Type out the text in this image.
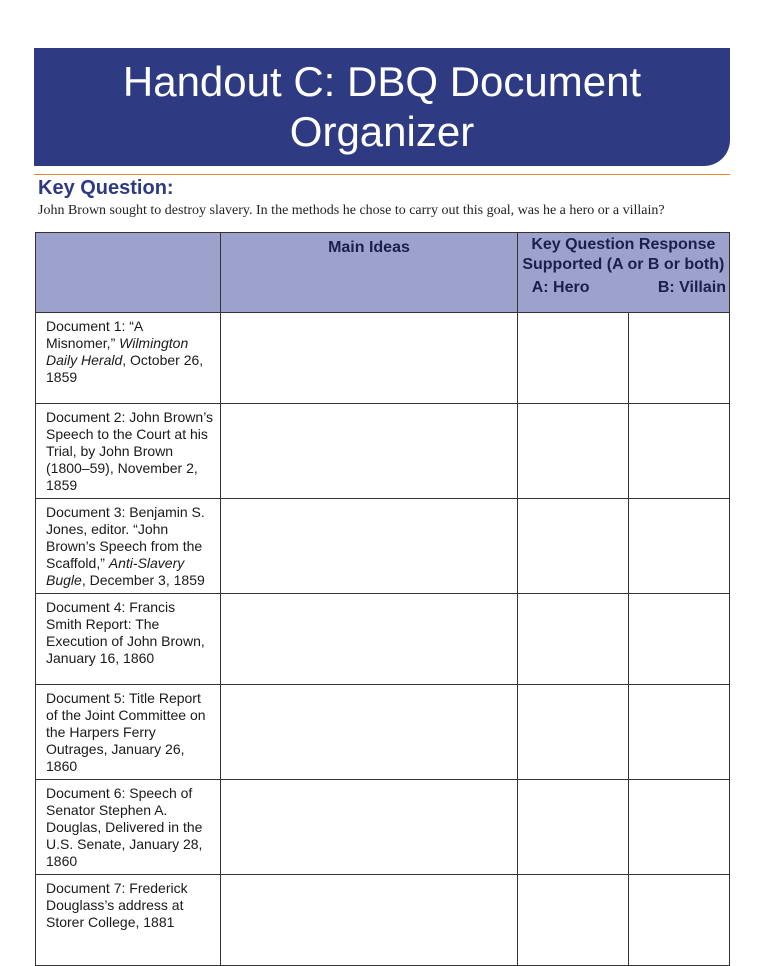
Handout C: DBQ Document Organizer
Key Question:
John Brown sought to destroy slavery. In the methods he chose to carry out this goal, was he a hero or a villain?
	Main Ideas	Key Question Response Supported (A or B or both)
A: Hero B: Villain	

Document 1: “A Misnomer,” Wilmington Daily Herald, October 26, 1859			
Document 2: John Brown’s Speech to the Court at his Trial, by John Brown (1800–59), November 2, 1859			
Document 3: Benjamin S. Jones, editor. “John Brown’s Speech from the Scaffold,” Anti-Slavery Bugle, December 3, 1859			
Document 4: Francis Smith Report: The Execution of John Brown, January 16, 1860			
Document 5: Title Report of the Joint Committee on the Harpers Ferry Outrages, January 26, 1860			
Document 6: Speech of Senator Stephen A. Douglas, Delivered in the U.S. Senate, January 28, 1860			
Document 7: Frederick Douglass’s address at Storer College, 1881			
